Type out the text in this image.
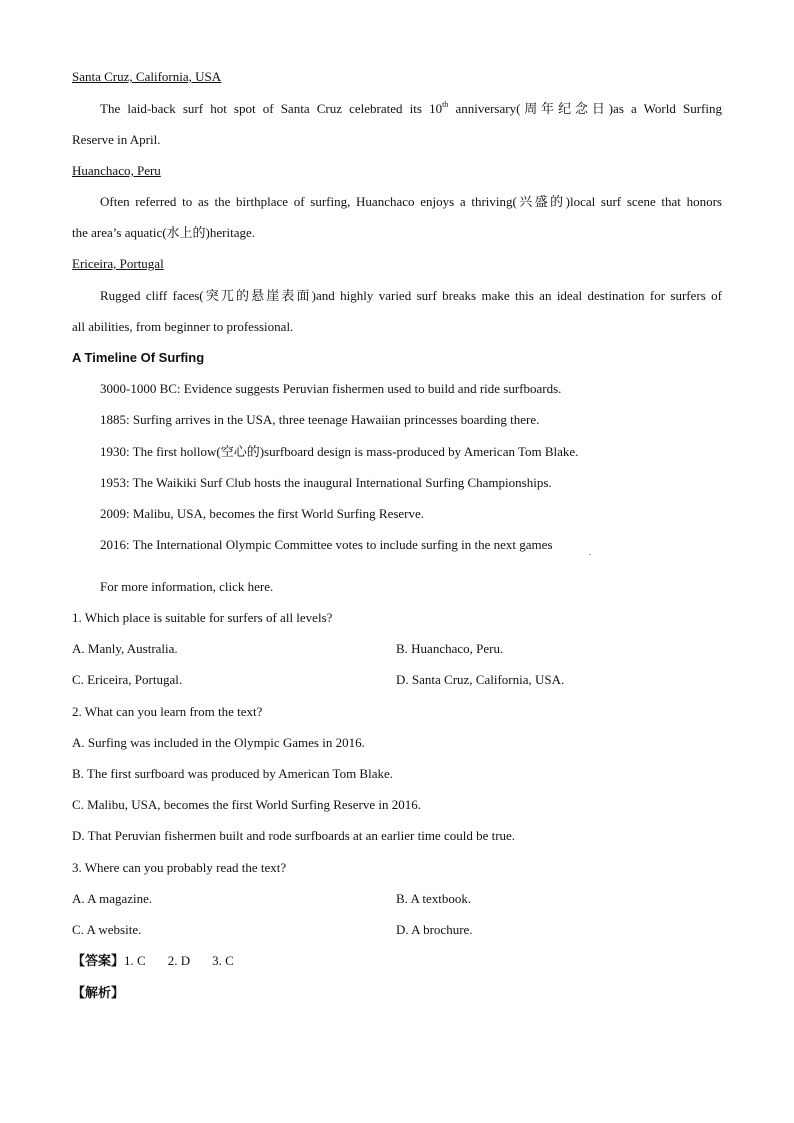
Santa Cruz, California, USA
The laid-back surf hot spot of Santa Cruz celebrated its 10th anniversary(周年纪念日)as a World Surfing
Reserve in April.
Huanchaco, Peru
Often referred to as the birthplace of surfing, Huanchaco enjoys a thriving(兴盛的)local surf scene that honors
the area’s aquatic(水上的)heritage.
Ericeira, Portugal
Rugged cliff faces(突兀的悬崖表面)and highly varied surf breaks make this an ideal destination for surfers of
all abilities, from beginner to professional.
A Timeline Of Surfing
3000-1000 BC: Evidence suggests Peruvian fishermen used to build and ride surfboards.
1885: Surfing arrives in the USA, three teenage Hawaiian princesses boarding there.
1930: The first hollow(空心的)surfboard design is mass-produced by American Tom Blake.
1953: The Waikiki Surf Club hosts the inaugural International Surfing Championships.
2009: Malibu, USA, becomes the first World Surfing Reserve.
2016: The International Olympic Committee votes to include surfing in the next games
.
For more information, click here.
1. Which place is suitable for surfers of all levels?
A. Manly, Australia.	B. Huanchaco, Peru.
C. Ericeira, Portugal.	D. Santa Cruz, California, USA.
2. What can you learn from the text?
A. Surfing was included in the Olympic Games in 2016.
B. The first surfboard was produced by American Tom Blake.
C. Malibu, USA, becomes the first World Surfing Reserve in 2016.
D. That Peruvian fishermen built and rode surfboards at an earlier time could be true.
3. Where can you probably read the text?
A. A magazine.	B. A textbook.
C. A website.	D. A brochure.
【答案】1. C 2. D 3. C
【解析】
